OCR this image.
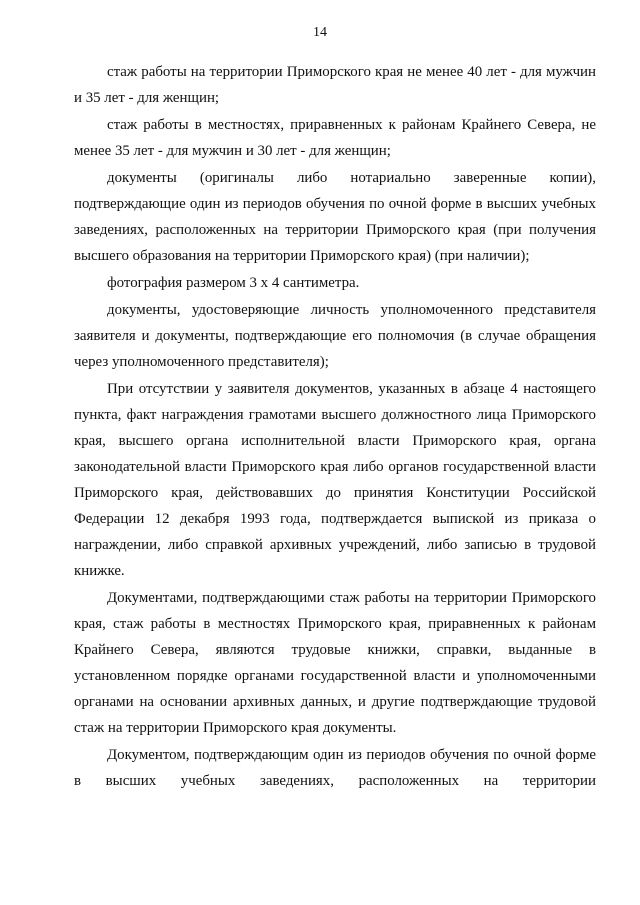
14

стаж работы на территории Приморского края не менее 40 лет - для мужчин и 35 лет - для женщин;

стаж работы в местностях, приравненных к районам Крайнего Севера, не менее 35 лет - для мужчин и 30 лет - для женщин;

документы (оригиналы либо нотариально заверенные копии), подтверждающие один из периодов обучения по очной форме в высших учебных заведениях, расположенных на территории Приморского края (при получения высшего образования на территории Приморского края) (при наличии);

фотография размером 3 х 4 сантиметра.

документы, удостоверяющие личность уполномоченного представителя заявителя и документы, подтверждающие его полномочия (в случае обращения через уполномоченного представителя);

При отсутствии у заявителя документов, указанных в абзаце 4 настоящего пункта, факт награждения грамотами высшего должностного лица Приморского края, высшего органа исполнительной власти Приморского края, органа законодательной власти Приморского края либо органов государственной власти Приморского края, действовавших до принятия Конституции Российской Федерации 12 декабря 1993 года, подтверждается выпиской из приказа о награждении, либо справкой архивных учреждений, либо записью в трудовой книжке.

Документами, подтверждающими стаж работы на территории Приморского края, стаж работы в местностях Приморского края, приравненных к районам Крайнего Севера, являются трудовые книжки, справки, выданные в установленном порядке органами государственной власти и уполномоченными органами на основании архивных данных, и другие подтверждающие трудовой стаж на территории Приморского края документы.

Документом, подтверждающим один из периодов обучения по очной форме в высших учебных заведениях, расположенных на территории
